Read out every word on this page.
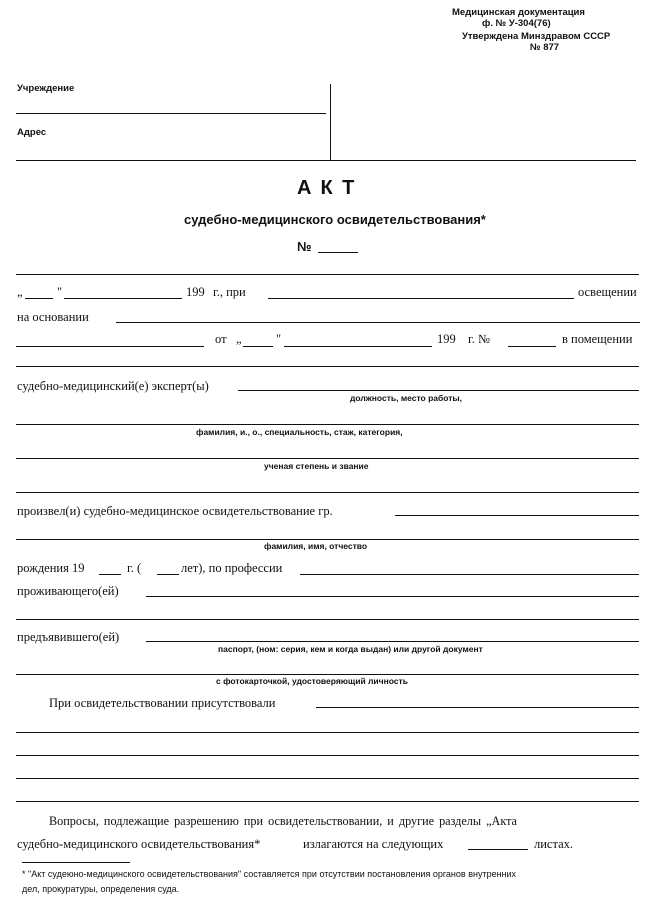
Медицинская документация
ф. № У-304(76)
Утверждена Минздравом СССР
№ 877
Учреждение
Адрес
АКТ
судебно-медицинского освидетельствования*
№
„	"	199 г., при	освещении
на основании
от „	"	199 г. №	в помещении
судебно-медицинский(е) эксперт(ы)
должность, место работы,
фамилия, и., о., специальность, стаж, категория,
ученая степень и звание
произвел(и) судебно-медицинское освидетельствование гр.
фамилия, имя, отчество
рождения 19	г. (	лет), по профессии
проживающего(ей)
предъявившего(ей)
паспорт, (ном: серия, кем и когда выдан) или другой документ
с фотокарточкой, удостоверяющий личность
При освидетельствовании присутствовали
Вопросы, подлежащие разрешению при освидетельствовании, и другие разделы „Акта
судебно-медицинского освидетельствования*	излагаются на следующих	листах.
* "Акт судеюно-медицинского освидетельствования" составляется при отсутствии постановления органов внутренних
дел, прокуратуры, определения суда.
